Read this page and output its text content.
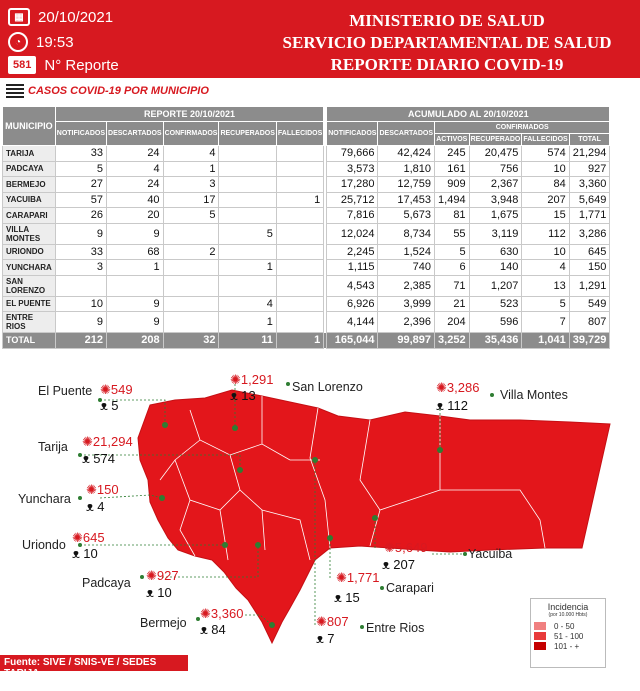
▦ 20/10/2021
◔ 19:53
581 N° Reporte
MINISTERIO DE SALUD
SERVICIO DEPARTAMENTAL DE SALUD
REPORTE DIARIO COVID-19
CASOS COVID-19 POR MUNICIPIO
MUNICIPIO	REPORTE 20/10/2021						ACUMULADO AL 20/10/2021					
	NOTIFICADOS	DESCARTADOS	CONFIRMADOS	RECUPERADOS	FALLECIDOS		NOTIFICADOS	DESCARTADOS	CONFIRMADOS			
									ACTIVOS	RECUPERADO	FALLECIDOS	TOTAL
TARIJA	33	24	4				79,666	42,424	245	20,475	574	21,294
PADCAYA	5	4	1				3,573	1,810	161	756	10	927
BERMEJO	27	24	3				17,280	12,759	909	2,367	84	3,360
YACUIBA	57	40	17		1		25,712	17,453	1,494	3,948	207	5,649
CARAPARI	26	20	5				7,816	5,673	81	1,675	15	1,771
VILLA MONTES	9	9		5			12,024	8,734	55	3,119	112	3,286
URIONDO	33	68	2				2,245	1,524	5	630	10	645
YUNCHARA	3	1		1			1,115	740	6	140	4	150
SAN LORENZO							4,543	2,385	71	1,207	13	1,291
EL PUENTE	10	9		4			6,926	3,999	21	523	5	549
ENTRE RIOS	9	9		1			4,144	2,396	204	596	7	807
TOTAL	212	208	32	11	1		165,044	99,897	3,252	35,436	1,041	39,729
El Puente ✺549
ᴥ 5
✺1,291 San Lorenzo
ᴥ 13
✺3,286 Villa Montes
ᴥ 112
Tarija ✺21,294
ᴥ 574
Yunchara
✺150
ᴥ 4
Uriondo ✺645
ᴥ 10	✺5,649	Yacuiba
ᴥ 207
Padcaya ✺927
ᴥ 10
✺1,771
Carapari
ᴥ 15
Bermejo
✺3,360
ᴥ 84
✺807 Entre Rios
ᴥ 7
Incidencia
(por 10.000 Hbts)
0 - 50
51 - 100
101 - +
Fuente: SIVE / SNIS-VE / SEDES TARIJA
